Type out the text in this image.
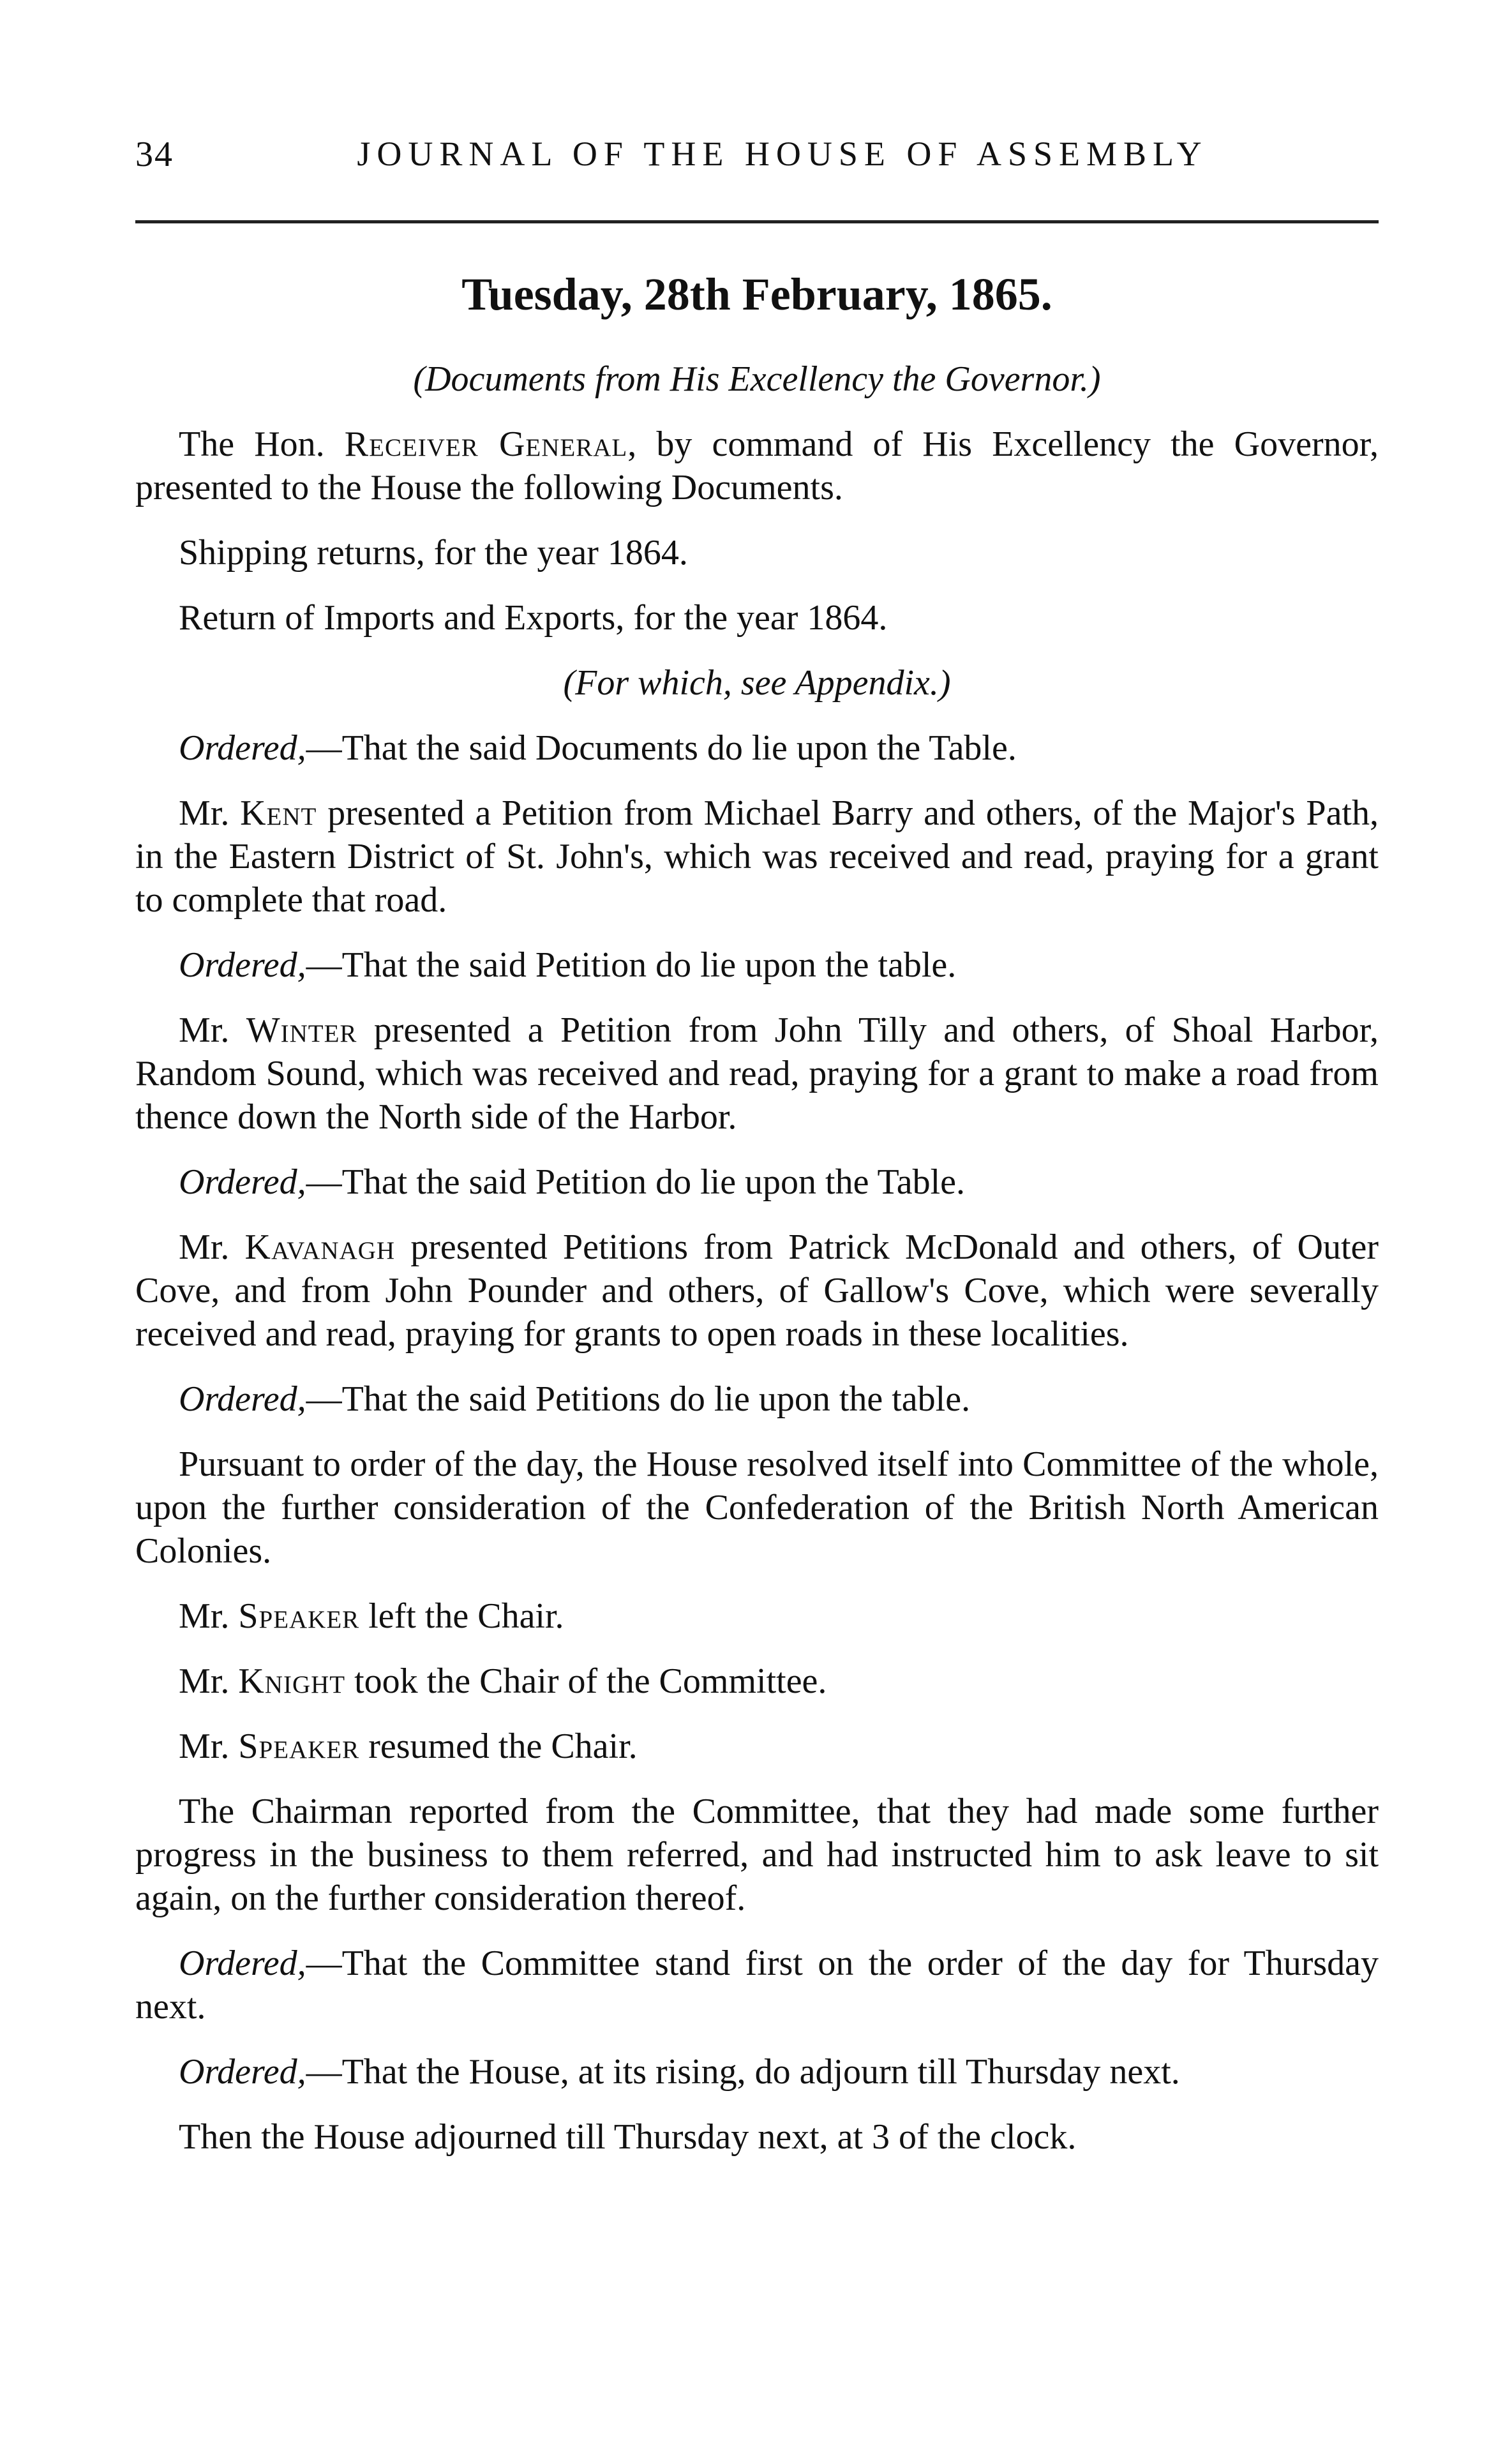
34	JOURNAL OF THE HOUSE OF ASSEMBLY
Tuesday, 28th February, 1865.

(Documents from His Excellency the Governor.)

The Hon. Receiver General, by command of His Excellency the Governor, presented to the House the following Documents.

Shipping returns, for the year 1864.

Return of Imports and Exports, for the year 1864.

(For which, see Appendix.)

Ordered,—That the said Documents do lie upon the Table.

Mr. Kent presented a Petition from Michael Barry and others, of the Major's Path, in the Eastern District of St. John's, which was received and read, praying for a grant to complete that road.

Ordered,—That the said Petition do lie upon the table.

Mr. Winter presented a Petition from John Tilly and others, of Shoal Harbor, Random Sound, which was received and read, praying for a grant to make a road from thence down the North side of the Harbor.

Ordered,—That the said Petition do lie upon the Table.

Mr. Kavanagh presented Petitions from Patrick McDonald and others, of Outer Cove, and from John Pounder and others, of Gallow's Cove, which were severally received and read, praying for grants to open roads in these localities.

Ordered,—That the said Petitions do lie upon the table.

Pursuant to order of the day, the House resolved itself into Committee of the whole, upon the further consideration of the Confederation of the British North American Colonies.

Mr. Speaker left the Chair.

Mr. Knight took the Chair of the Committee.

Mr. Speaker resumed the Chair.

The Chairman reported from the Committee, that they had made some further progress in the business to them referred, and had instructed him to ask leave to sit again, on the further consideration thereof.

Ordered,—That the Committee stand first on the order of the day for Thursday next.

Ordered,—That the House, at its rising, do adjourn till Thursday next.

Then the House adjourned till Thursday next, at 3 of the clock.
